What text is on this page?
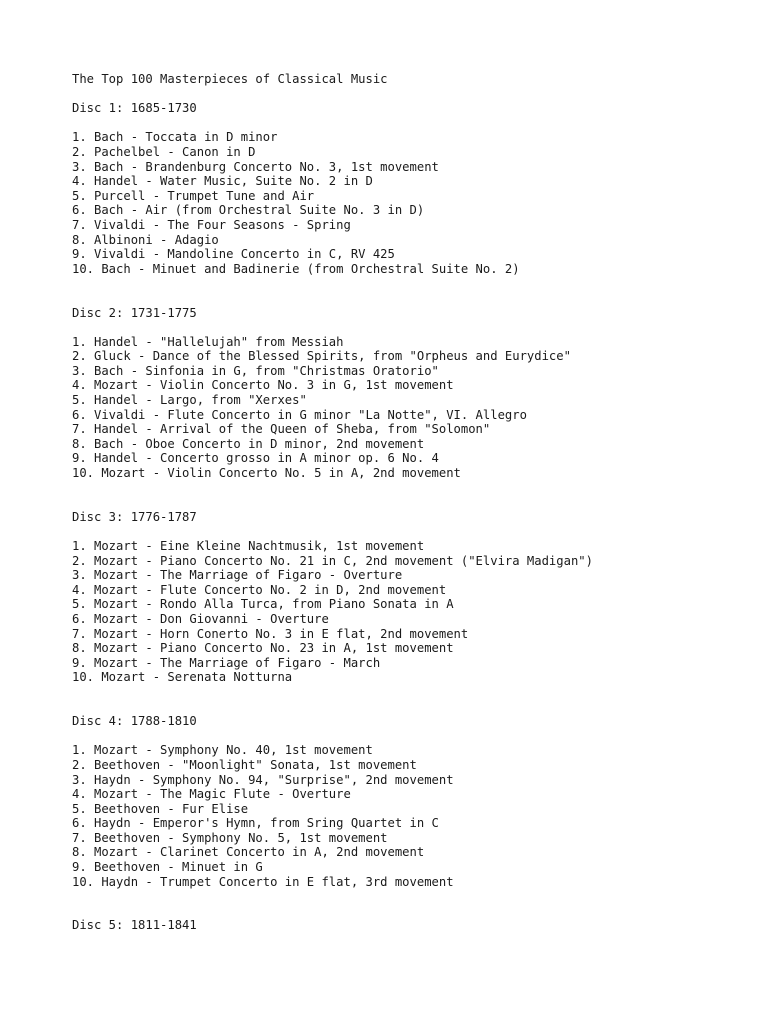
The Top 100 Masterpieces of Classical Music
Disc 1: 1685-1730
1. Bach - Toccata in D minor
2. Pachelbel - Canon in D
3. Bach - Brandenburg Concerto No. 3, 1st movement
4. Handel - Water Music, Suite No. 2 in D
5. Purcell - Trumpet Tune and Air
6. Bach - Air (from Orchestral Suite No. 3 in D)
7. Vivaldi - The Four Seasons - Spring
8. Albinoni - Adagio
9. Vivaldi - Mandoline Concerto in C, RV 425
10. Bach - Minuet and Badinerie (from Orchestral Suite No. 2)
Disc 2: 1731-1775
1. Handel - "Hallelujah" from Messiah
2. Gluck - Dance of the Blessed Spirits, from "Orpheus and Eurydice"
3. Bach - Sinfonia in G, from "Christmas Oratorio"
4. Mozart - Violin Concerto No. 3 in G, 1st movement
5. Handel - Largo, from "Xerxes"
6. Vivaldi - Flute Concerto in G minor "La Notte", VI. Allegro
7. Handel - Arrival of the Queen of Sheba, from "Solomon"
8. Bach - Oboe Concerto in D minor, 2nd movement
9. Handel - Concerto grosso in A minor op. 6 No. 4
10. Mozart - Violin Concerto No. 5 in A, 2nd movement
Disc 3: 1776-1787
1. Mozart - Eine Kleine Nachtmusik, 1st movement
2. Mozart - Piano Concerto No. 21 in C, 2nd movement ("Elvira Madigan")
3. Mozart - The Marriage of Figaro - Overture
4. Mozart - Flute Concerto No. 2 in D, 2nd movement
5. Mozart - Rondo Alla Turca, from Piano Sonata in A
6. Mozart - Don Giovanni - Overture
7. Mozart - Horn Conerto No. 3 in E flat, 2nd movement
8. Mozart - Piano Concerto No. 23 in A, 1st movement
9. Mozart - The Marriage of Figaro - March
10. Mozart - Serenata Notturna
Disc 4: 1788-1810
1. Mozart - Symphony No. 40, 1st movement
2. Beethoven - "Moonlight" Sonata, 1st movement
3. Haydn - Symphony No. 94, "Surprise", 2nd movement
4. Mozart - The Magic Flute - Overture
5. Beethoven - Fur Elise
6. Haydn - Emperor's Hymn, from Sring Quartet in C
7. Beethoven - Symphony No. 5, 1st movement
8. Mozart - Clarinet Concerto in A, 2nd movement
9. Beethoven - Minuet in G
10. Haydn - Trumpet Concerto in E flat, 3rd movement
Disc 5: 1811-1841
